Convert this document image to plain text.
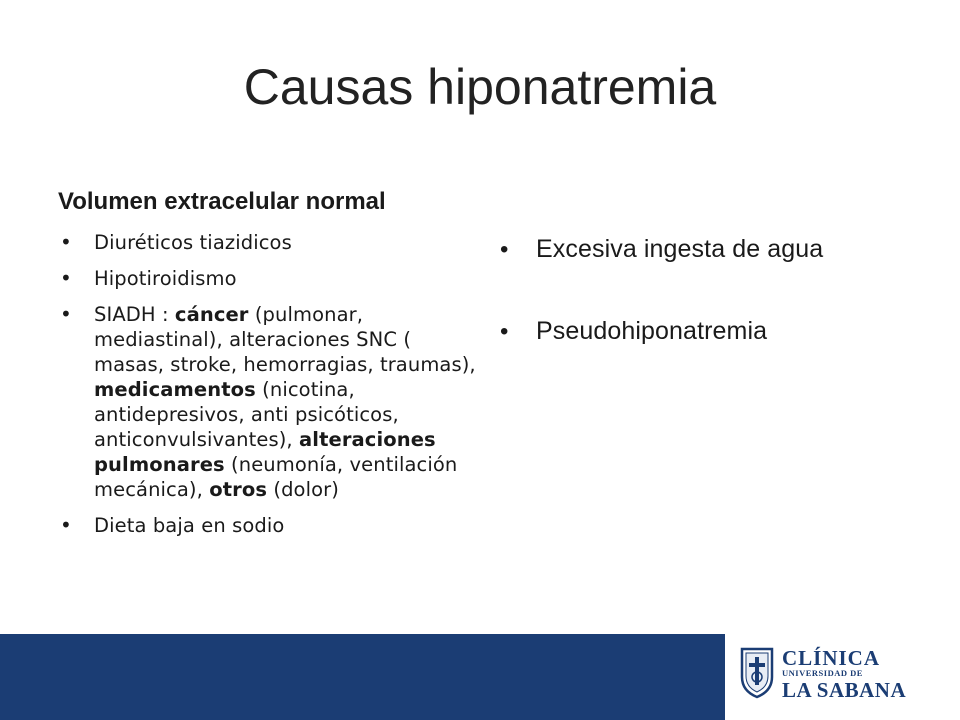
Causas hiponatremia
Volumen extracelular normal
• Diuréticos tiazidicos
• Hipotiroidismo
• SIADH : cáncer (pulmonar, mediastinal), alteraciones SNC ( masas, stroke, hemorragias, traumas), medicamentos (nicotina, antidepresivos, anti psicóticos, anticonvulsivantes), alteraciones pulmonares (neumonía, ventilación mecánica), otros (dolor)
• Dieta baja en sodio
• Excesiva ingesta de agua
• Pseudohiponatremia
CLÍNICA
UNIVERSIDAD DE
LA SABANA
